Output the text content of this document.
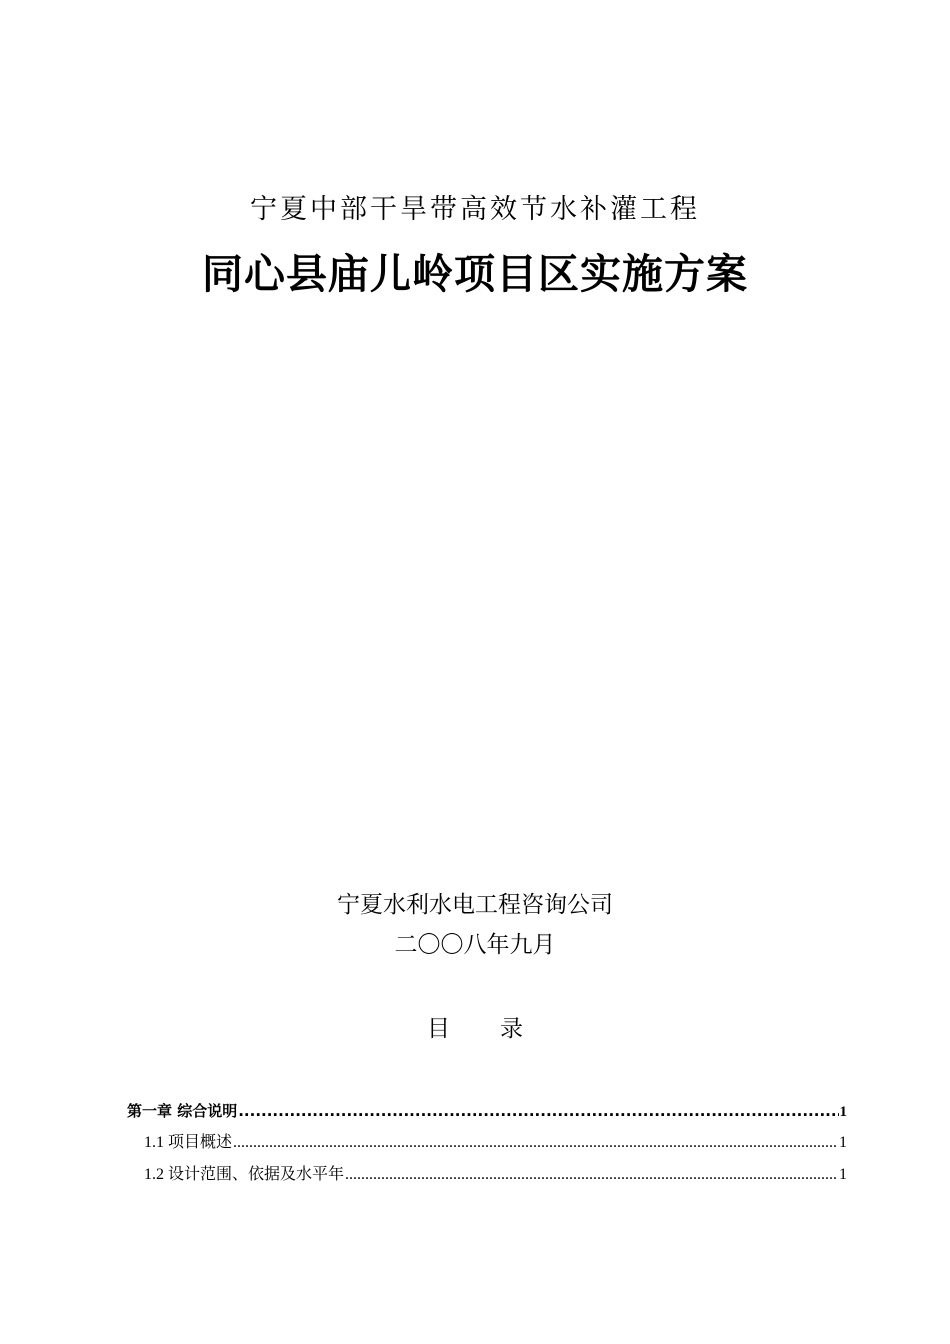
宁夏中部干旱带高效节水补灌工程
同心县庙儿岭项目区实施方案
宁夏水利水电工程咨询公司
二〇〇八年九月
目 录
第一章 综合说明 .....	1
1.1 项目概述 .....	1
1.2 设计范围、依据及水平年 .....	1
